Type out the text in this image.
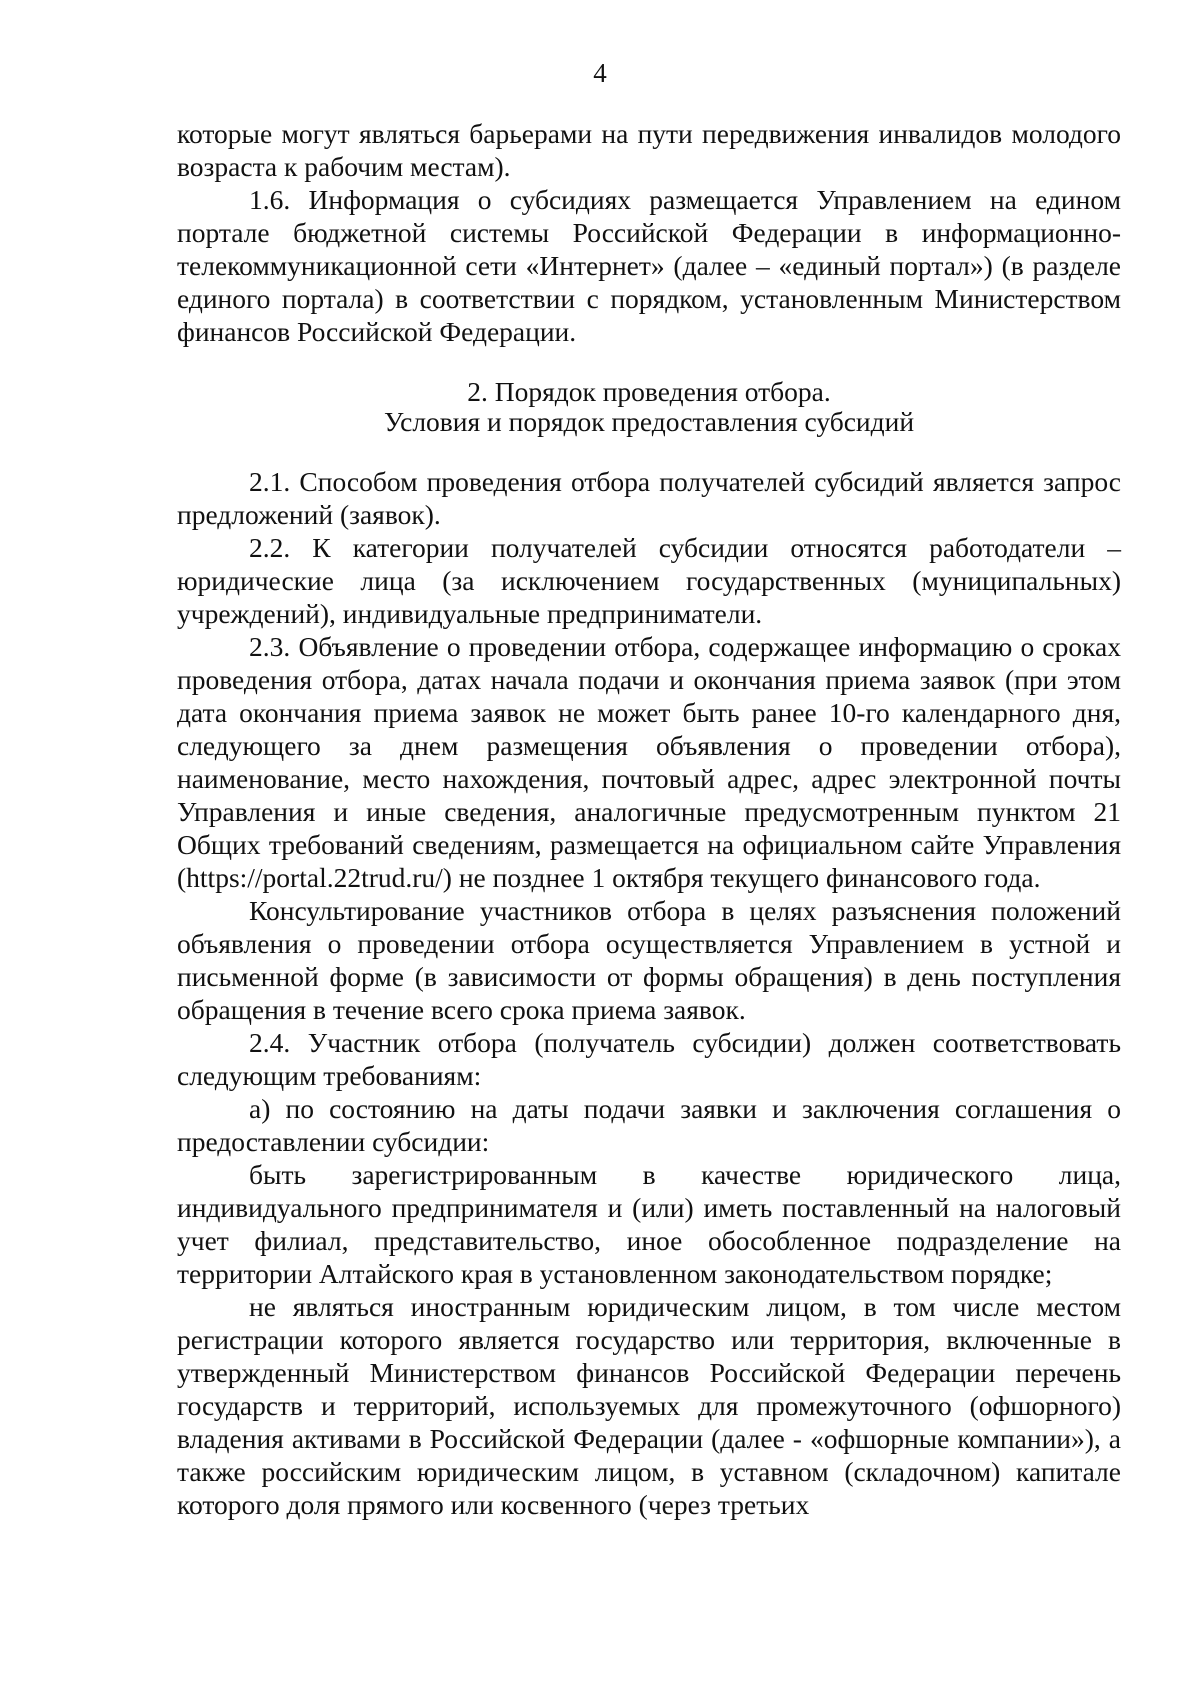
4

которые могут являться барьерами на пути передвижения инвалидов молодого возраста к рабочим местам).

1.6. Информация о субсидиях размещается Управлением на едином портале бюджетной системы Российской Федерации в информационно-телекоммуникационной сети «Интернет» (далее – «единый портал») (в разделе единого портала) в соответствии с порядком, установленным Министерством финансов Российской Федерации.

2. Порядок проведения отбора.
Условия и порядок предоставления субсидий

2.1. Способом проведения отбора получателей субсидий является запрос предложений (заявок).

2.2. К категории получателей субсидии относятся работодатели – юридические лица (за исключением государственных (муниципальных) учреждений), индивидуальные предприниматели.

2.3. Объявление о проведении отбора, содержащее информацию о сроках проведения отбора, датах начала подачи и окончания приема заявок (при этом дата окончания приема заявок не может быть ранее 10-го календарного дня, следующего за днем размещения объявления о проведении отбора), наименование, место нахождения, почтовый адрес, адрес электронной почты Управления и иные сведения, аналогичные предусмотренным пунктом 21 Общих требований сведениям, размещается на официальном сайте Управления (https://portal.22trud.ru/) не позднее 1 октября текущего финансового года.

Консультирование участников отбора в целях разъяснения положений объявления о проведении отбора осуществляется Управлением в устной и письменной форме (в зависимости от формы обращения) в день поступления обращения в течение всего срока приема заявок.

2.4. Участник отбора (получатель субсидии) должен соответствовать следующим требованиям:

а) по состоянию на даты подачи заявки и заключения соглашения о предоставлении субсидии:

быть зарегистрированным в качестве юридического лица, индивидуального предпринимателя и (или) иметь поставленный на налоговый учет филиал, представительство, иное обособленное подразделение на территории Алтайского края в установленном законодательством порядке;

не являться иностранным юридическим лицом, в том числе местом регистрации которого является государство или территория, включенные в утвержденный Министерством финансов Российской Федерации перечень государств и территорий, используемых для промежуточного (офшорного) владения активами в Российской Федерации (далее - «офшорные компании»), а также российским юридическим лицом, в уставном (складочном) капитале которого доля прямого или косвенного (через третьих
